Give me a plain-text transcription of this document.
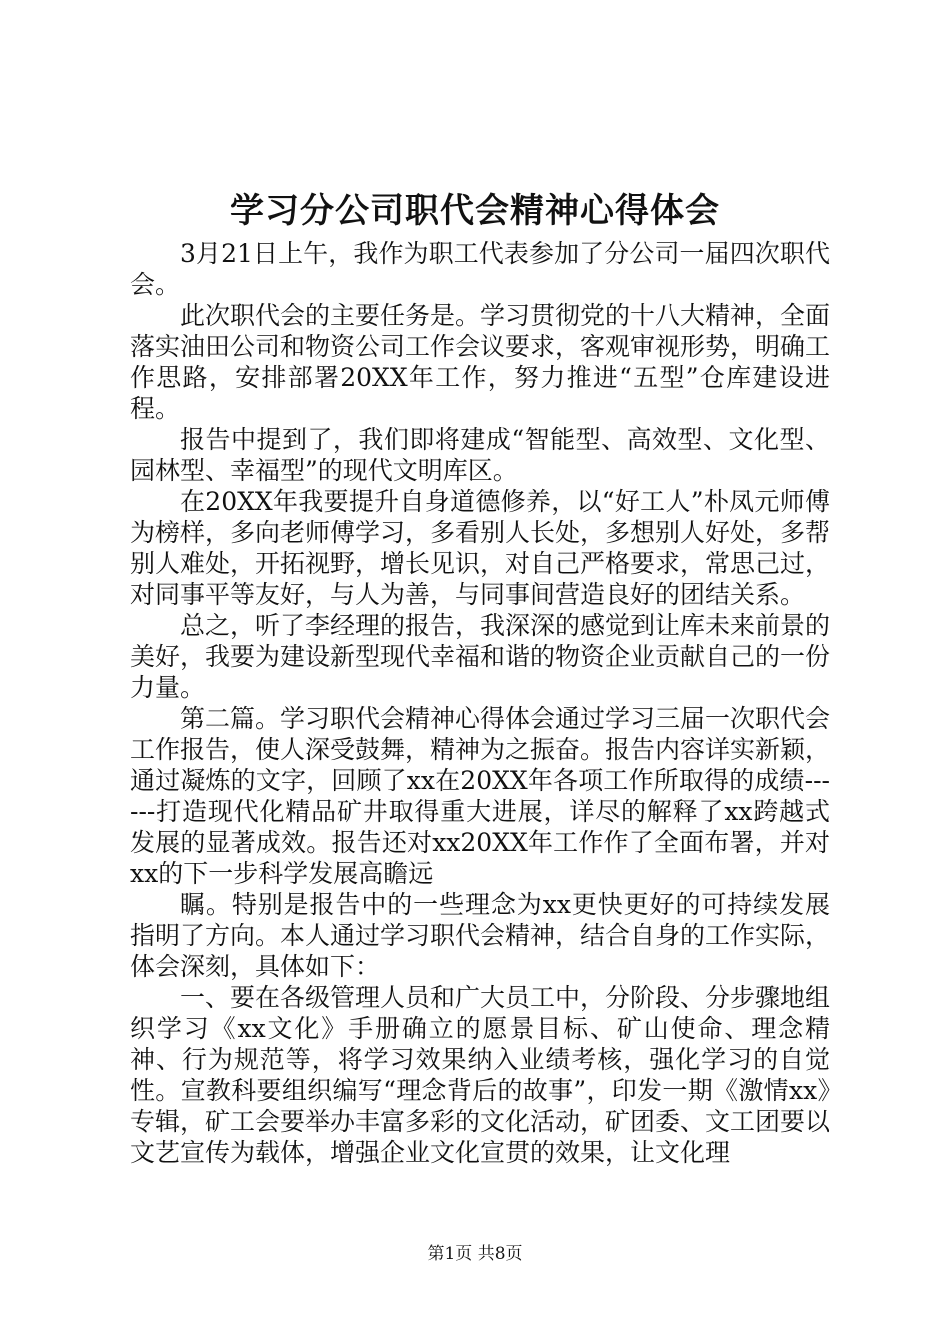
学习分公司职代会精神心得体会

3月21日上午，我作为职工代表参加了分公司一届四次职代会。

此次职代会的主要任务是。学习贯彻党的十八大精神，全面落实油田公司和物资公司工作会议要求，客观审视形势，明确工作思路，安排部署20XX年工作，努力推进“五型”仓库建设进程。

报告中提到了，我们即将建成“智能型、高效型、文化型、园林型、幸福型”的现代文明库区。

在20XX年我要提升自身道德修养，以“好工人”朴凤元师傅为榜样，多向老师傅学习，多看别人长处，多想别人好处，多帮别人难处，开拓视野，增长见识，对自己严格要求，常思己过，对同事平等友好，与人为善，与同事间营造良好的团结关系。

总之，听了李经理的报告，我深深的感觉到让库未来前景的美好，我要为建设新型现代幸福和谐的物资企业贡献自己的一份力量。

第二篇。学习职代会精神心得体会通过学习三届一次职代会工作报告，使人深受鼓舞，精神为之振奋。报告内容详实新颖，通过凝炼的文字，回顾了xx在20XX年各项工作所取得的成绩------打造现代化精品矿井取得重大进展，详尽的解释了xx跨越式发展的显著成效。报告还对xx20XX年工作作了全面布署，并对xx的下一步科学发展高瞻远

瞩。特别是报告中的一些理念为xx更快更好的可持续发展指明了方向。本人通过学习职代会精神，结合自身的工作实际，体会深刻，具体如下：

一、要在各级管理人员和广大员工中，分阶段、分步骤地组织学习《xx文化》手册确立的愿景目标、矿山使命、理念精神、行为规范等，将学习效果纳入业绩考核，强化学习的自觉性。宣教科要组织编写“理念背后的故事”，印发一期《激情xx》专辑，矿工会要举办丰富多彩的文化活动，矿团委、文工团要以文艺宣传为载体，增强企业文化宣贯的效果，让文化理

第1页 共8页
